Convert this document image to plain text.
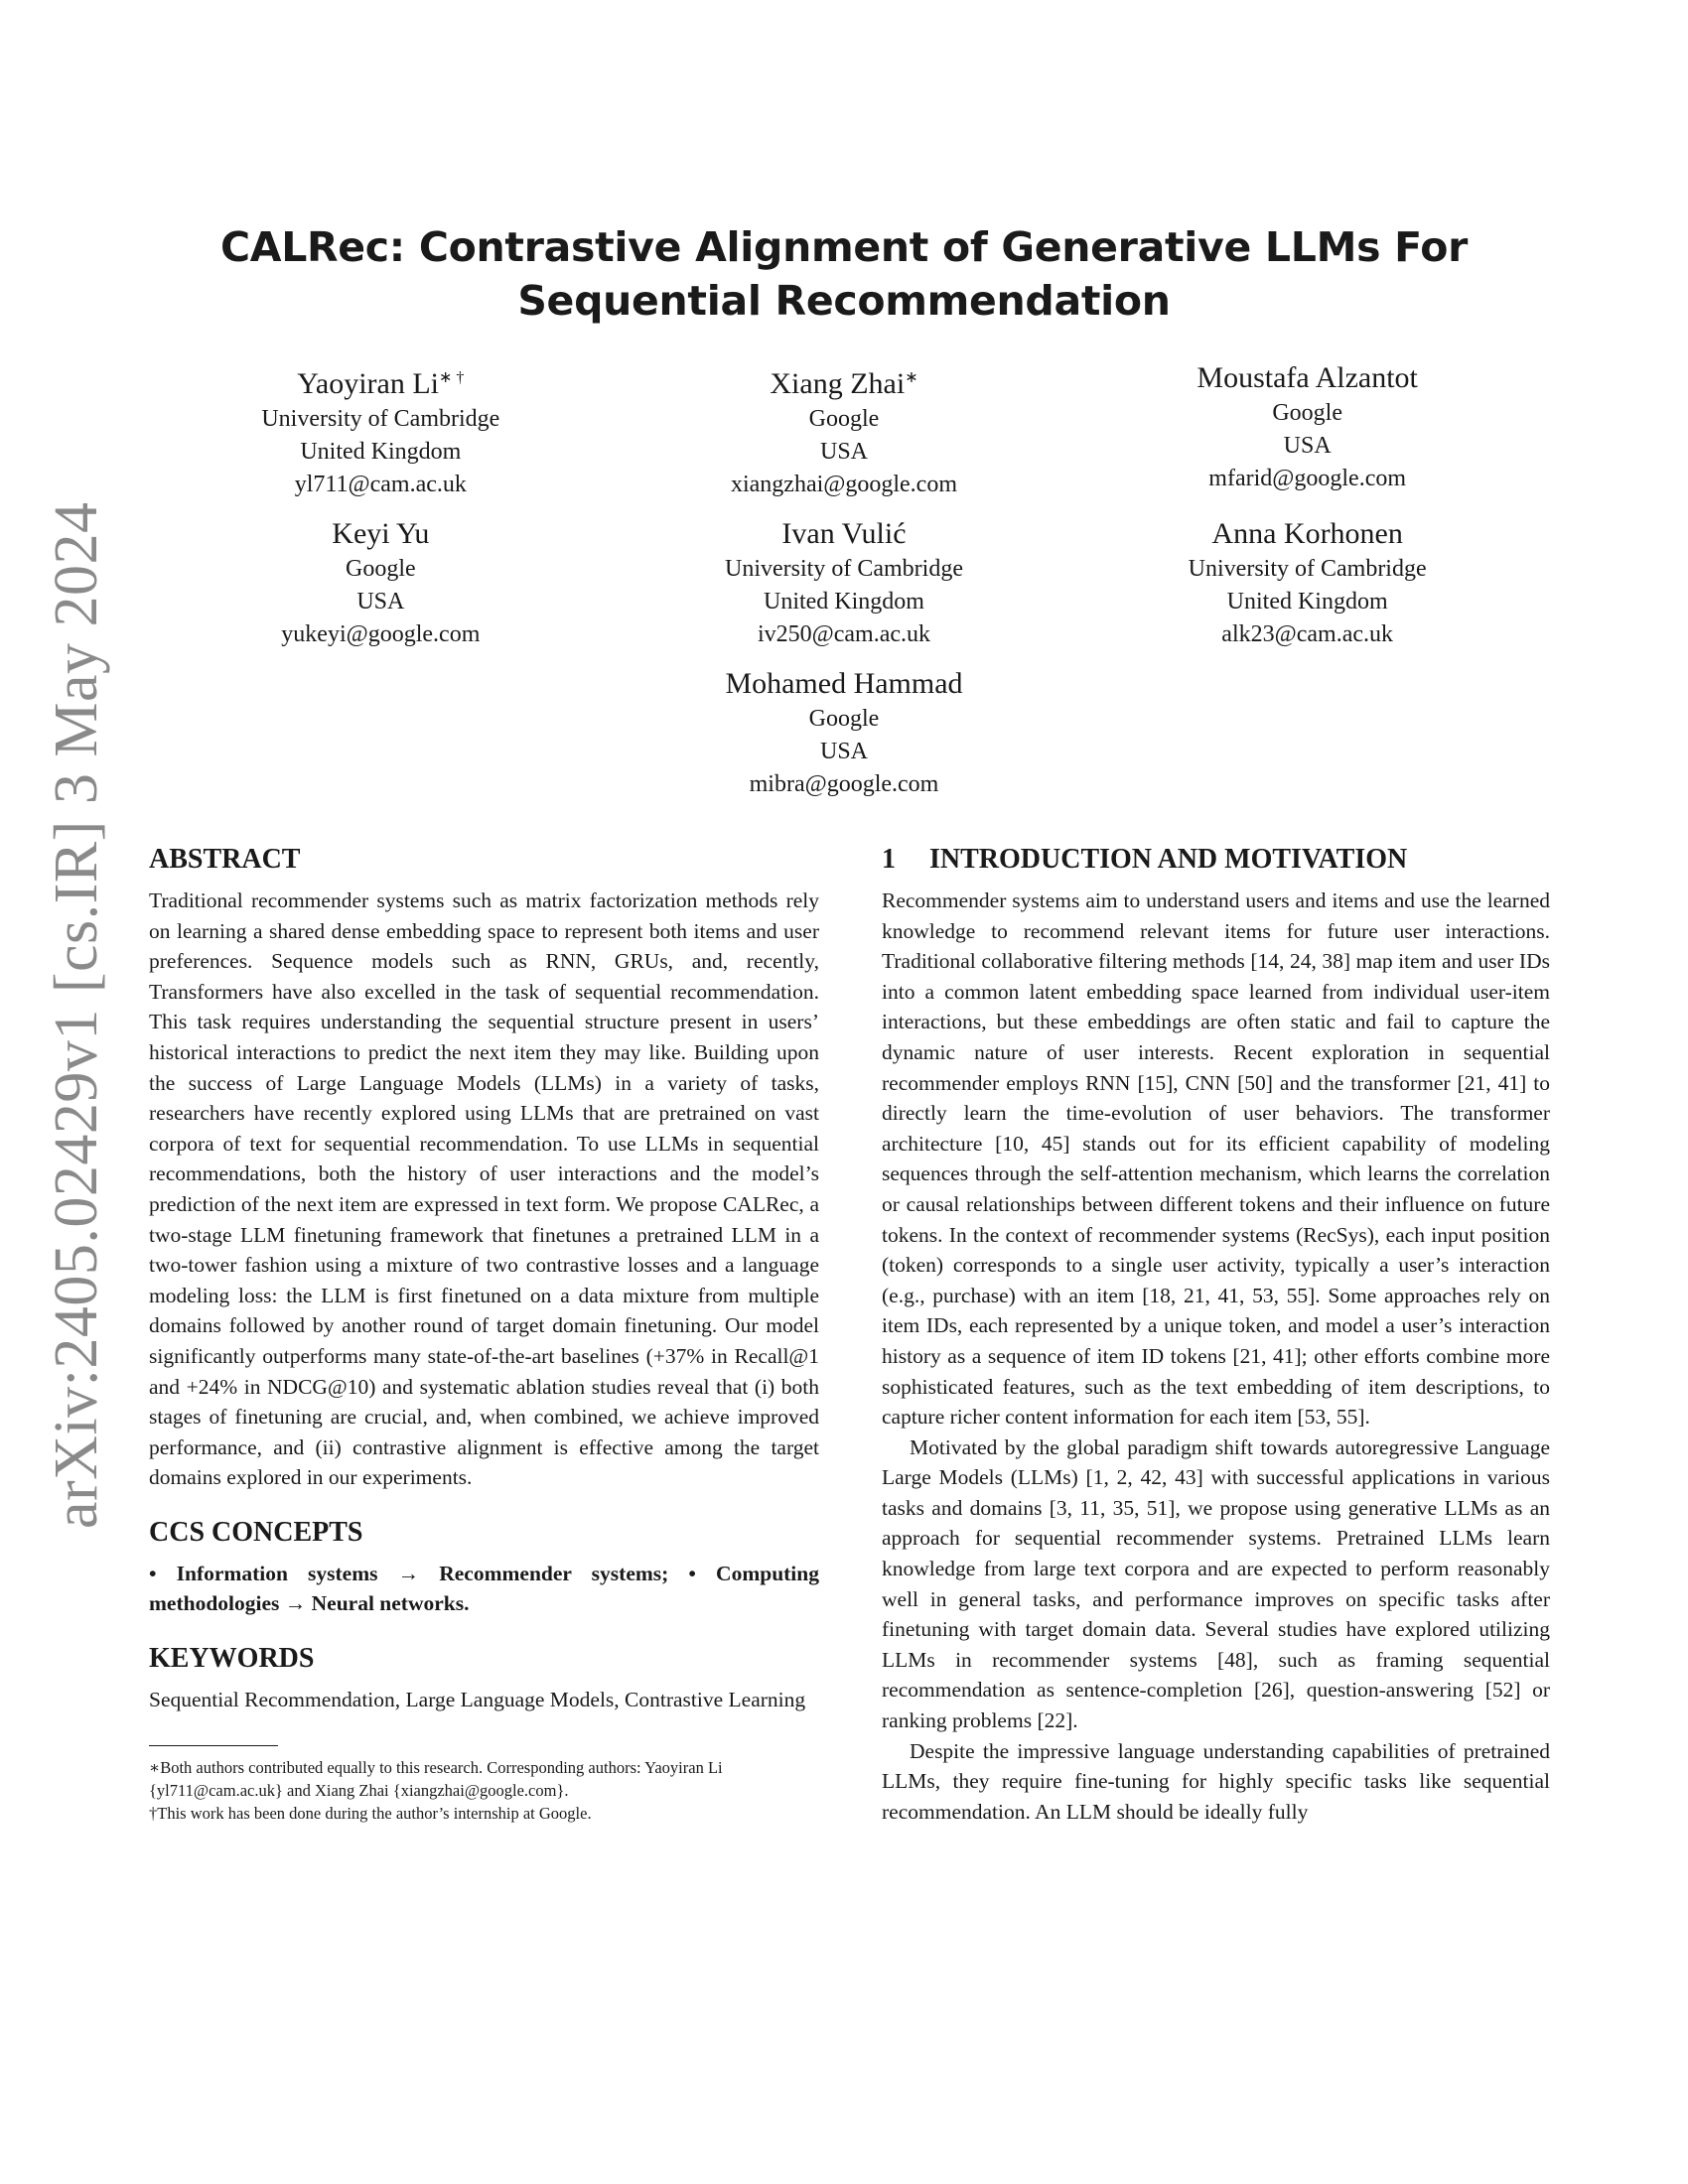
arXiv:2405.02429v1 [cs.IR] 3 May 2024
CALRec: Contrastive Alignment of Generative LLMs For
Sequential Recommendation
Yaoyiran Li∗ †
University of Cambridge
United Kingdom
yl711@cam.ac.uk
Xiang Zhai∗
Google
USA
xiangzhai@google.com
Moustafa Alzantot
Google
USA
mfarid@google.com
Keyi Yu
Google
USA
yukeyi@google.com
Ivan Vulić
University of Cambridge
United Kingdom
iv250@cam.ac.uk
Anna Korhonen
University of Cambridge
United Kingdom
alk23@cam.ac.uk
Mohamed Hammad
Google
USA
mibra@google.com
ABSTRACT

Traditional recommender systems such as matrix factorization methods rely on learning a shared dense embedding space to represent both items and user preferences. Sequence models such as RNN, GRUs, and, recently, Transformers have also excelled in the task of sequential recommendation. This task requires understanding the sequential structure present in users’ historical interactions to predict the next item they may like. Building upon the success of Large Language Models (LLMs) in a variety of tasks, researchers have recently explored using LLMs that are pretrained on vast corpora of text for sequential recommendation. To use LLMs in sequential recommendations, both the history of user interactions and the model’s prediction of the next item are expressed in text form. We propose CALRec, a two-stage LLM finetuning framework that finetunes a pretrained LLM in a two-tower fashion using a mixture of two contrastive losses and a language modeling loss: the LLM is first finetuned on a data mixture from multiple domains followed by another round of target domain finetuning. Our model significantly outperforms many state-of-the-art baselines (+37% in Recall@1 and +24% in NDCG@10) and systematic ablation studies reveal that (i) both stages of finetuning are crucial, and, when combined, we achieve improved performance, and (ii) contrastive alignment is effective among the target domains explored in our experiments.

CCS CONCEPTS

• Information systems → Recommender systems; • Computing methodologies → Neural networks.

KEYWORDS

Sequential Recommendation, Large Language Models, Contrastive Learning

∗Both authors contributed equally to this research. Corresponding authors: Yaoyiran Li {yl711@cam.ac.uk} and Xiang Zhai {xiangzhai@google.com}.

†This work has been done during the author’s internship at Google.

1 INTRODUCTION AND MOTIVATION

Recommender systems aim to understand users and items and use the learned knowledge to recommend relevant items for future user interactions. Traditional collaborative filtering methods [14, 24, 38] map item and user IDs into a common latent embedding space learned from individual user-item interactions, but these embeddings are often static and fail to capture the dynamic nature of user interests. Recent exploration in sequential recommender employs RNN [15], CNN [50] and the transformer [21, 41] to directly learn the time-evolution of user behaviors. The transformer architecture [10, 45] stands out for its efficient capability of modeling sequences through the self-attention mechanism, which learns the correlation or causal relationships between different tokens and their influence on future tokens. In the context of recommender systems (RecSys), each input position (token) corresponds to a single user activity, typically a user’s interaction (e.g., purchase) with an item [18, 21, 41, 53, 55]. Some approaches rely on item IDs, each represented by a unique token, and model a user’s interaction history as a sequence of item ID tokens [21, 41]; other efforts combine more sophisticated features, such as the text embedding of item descriptions, to capture richer content information for each item [53, 55].

Motivated by the global paradigm shift towards autoregressive Language Large Models (LLMs) [1, 2, 42, 43] with successful applications in various tasks and domains [3, 11, 35, 51], we propose using generative LLMs as an approach for sequential recommender systems. Pretrained LLMs learn knowledge from large text corpora and are expected to perform reasonably well in general tasks, and performance improves on specific tasks after finetuning with target domain data. Several studies have explored utilizing LLMs in recommender systems [48], such as framing sequential recommendation as sentence-completion [26], question-answering [52] or ranking problems [22].

Despite the impressive language understanding capabilities of pretrained LLMs, they require fine-tuning for highly specific tasks like sequential recommendation. An LLM should be ideally fully
